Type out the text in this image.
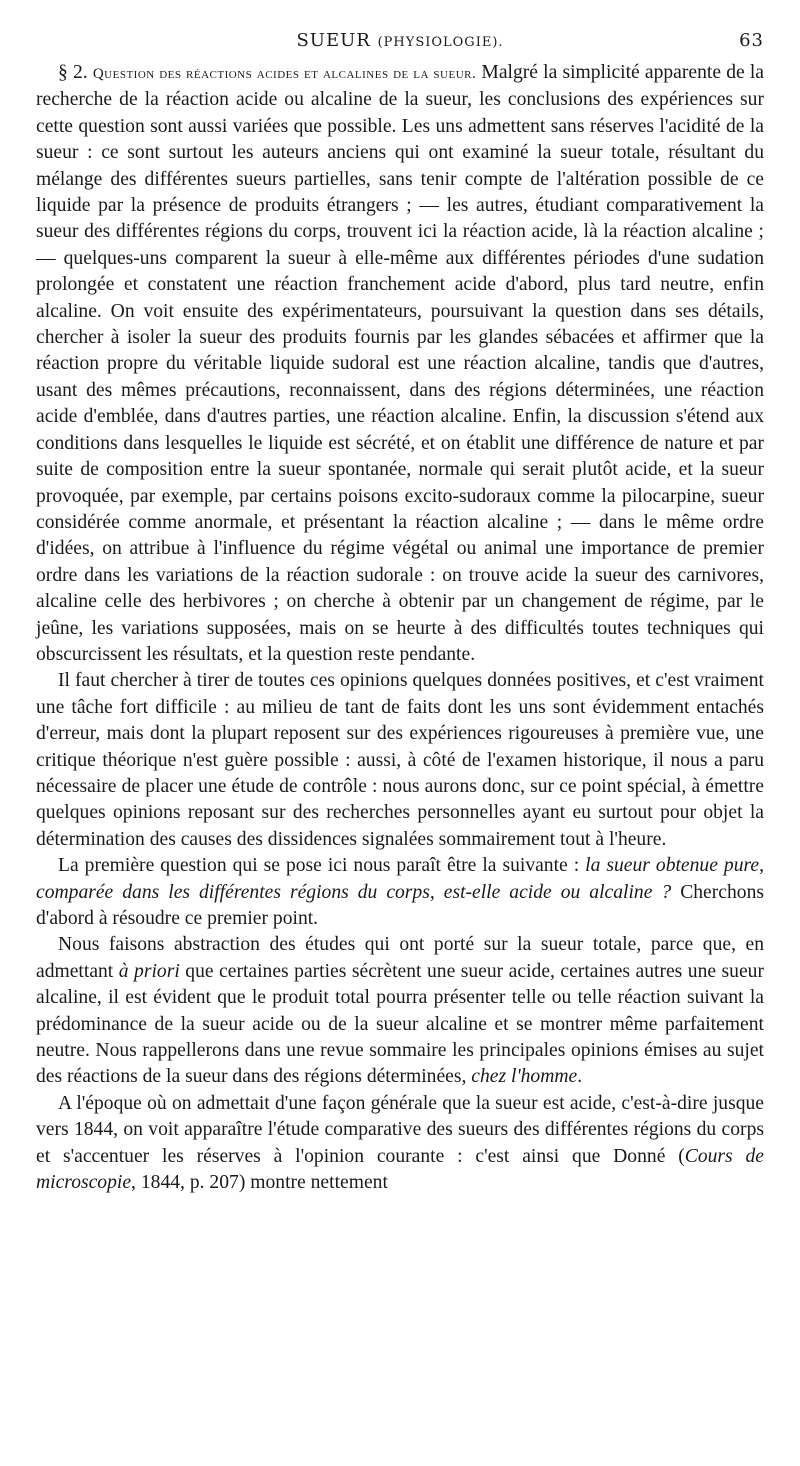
SUEUR (PHYSIOLOGIE).	63

§ 2. Question des réactions acides et alcalines de la sueur. Malgré la simplicité apparente de la recherche de la réaction acide ou alcaline de la sueur, les conclusions des expériences sur cette question sont aussi variées que possible. Les uns admettent sans réserves l'acidité de la sueur : ce sont surtout les auteurs anciens qui ont examiné la sueur totale, résultant du mélange des différentes sueurs partielles, sans tenir compte de l'altération possible de ce liquide par la présence de produits étrangers ; — les autres, étudiant comparativement la sueur des différentes régions du corps, trouvent ici la réaction acide, là la réaction alcaline ; — quelques-uns comparent la sueur à elle-même aux différentes périodes d'une sudation prolongée et constatent une réaction franchement acide d'abord, plus tard neutre, enfin alcaline. On voit ensuite des expérimentateurs, poursuivant la question dans ses détails, chercher à isoler la sueur des produits fournis par les glandes sébacées et affirmer que la réaction propre du véritable liquide sudoral est une réaction alcaline, tandis que d'autres, usant des mêmes précautions, reconnaissent, dans des régions déterminées, une réaction acide d'emblée, dans d'autres parties, une réaction alcaline. Enfin, la discussion s'étend aux conditions dans lesquelles le liquide est sécrété, et on établit une différence de nature et par suite de composition entre la sueur spontanée, normale qui serait plutôt acide, et la sueur provoquée, par exemple, par certains poisons excito-sudoraux comme la pilocarpine, sueur considérée comme anormale, et présentant la réaction alcaline ; — dans le même ordre d'idées, on attribue à l'influence du régime végétal ou animal une importance de premier ordre dans les variations de la réaction sudorale : on trouve acide la sueur des carnivores, alcaline celle des herbivores ; on cherche à obtenir par un changement de régime, par le jeûne, les variations supposées, mais on se heurte à des difficultés toutes techniques qui obscurcissent les résultats, et la question reste pendante.

Il faut chercher à tirer de toutes ces opinions quelques données positives, et c'est vraiment une tâche fort difficile : au milieu de tant de faits dont les uns sont évidemment entachés d'erreur, mais dont la plupart reposent sur des expériences rigoureuses à première vue, une critique théorique n'est guère possible : aussi, à côté de l'examen historique, il nous a paru nécessaire de placer une étude de contrôle : nous aurons donc, sur ce point spécial, à émettre quelques opinions reposant sur des recherches personnelles ayant eu surtout pour objet la détermination des causes des dissidences signalées sommairement tout à l'heure.

La première question qui se pose ici nous paraît être la suivante : la sueur obtenue pure, comparée dans les différentes régions du corps, est-elle acide ou alcaline ? Cherchons d'abord à résoudre ce premier point.

Nous faisons abstraction des études qui ont porté sur la sueur totale, parce que, en admettant à priori que certaines parties sécrètent une sueur acide, certaines autres une sueur alcaline, il est évident que le produit total pourra présenter telle ou telle réaction suivant la prédominance de la sueur acide ou de la sueur alcaline et se montrer même parfaitement neutre. Nous rappellerons dans une revue sommaire les principales opinions émises au sujet des réactions de la sueur dans des régions déterminées, chez l'homme.

A l'époque où on admettait d'une façon générale que la sueur est acide, c'est-à-dire jusque vers 1844, on voit apparaître l'étude comparative des sueurs des différentes régions du corps et s'accentuer les réserves à l'opinion courante : c'est ainsi que Donné (Cours de microscopie, 1844, p. 207) montre nettement
